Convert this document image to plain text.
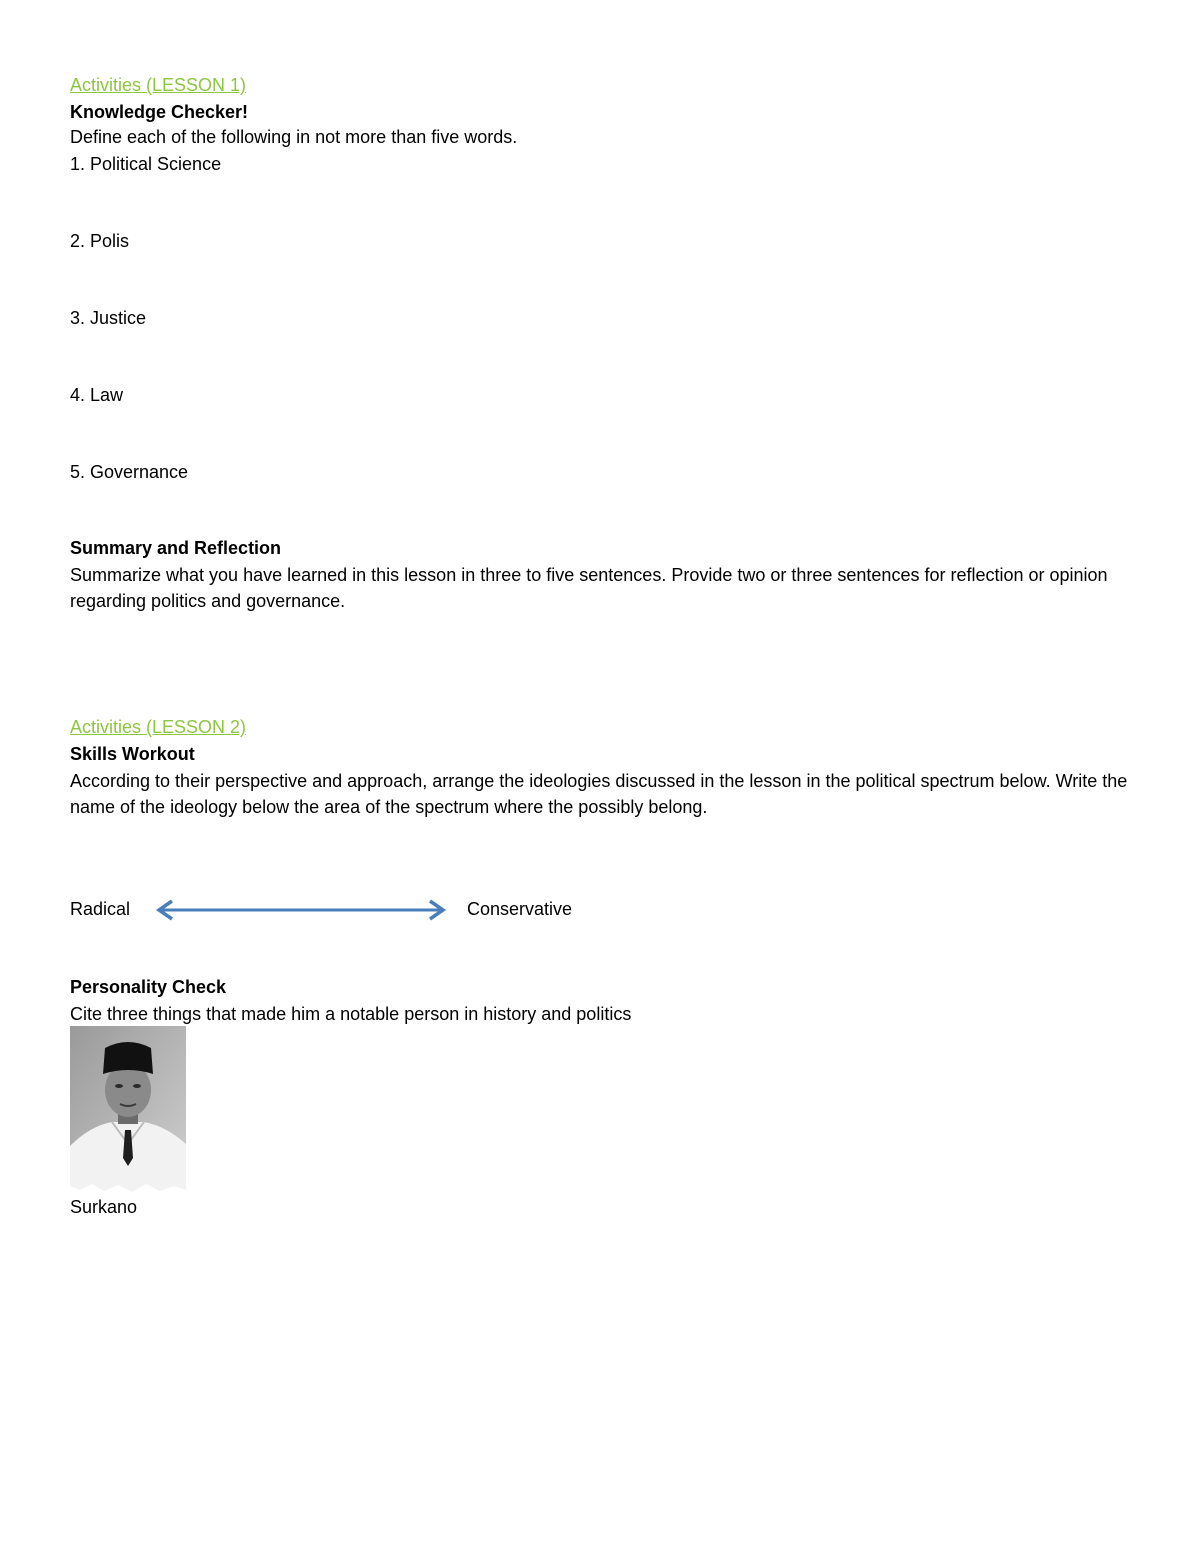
Activities (LESSON 1)
Knowledge Checker!
Define each of the following in not more than five words.
1. Political Science
2. Polis
3. Justice
4. Law
5. Governance
Summary and Reflection
Summarize what you have learned in this lesson in three to five sentences. Provide two or three sentences for reflection or opinion regarding politics and governance.
Activities (LESSON 2)
Skills Workout
According to their perspective and approach, arrange the ideologies discussed in the lesson in the political spectrum below. Write the name of the ideology below the area of the spectrum where the possibly belong.
Radical	Conservative
Personality Check
Cite three things that made him a notable person in history and politics
Surkano
